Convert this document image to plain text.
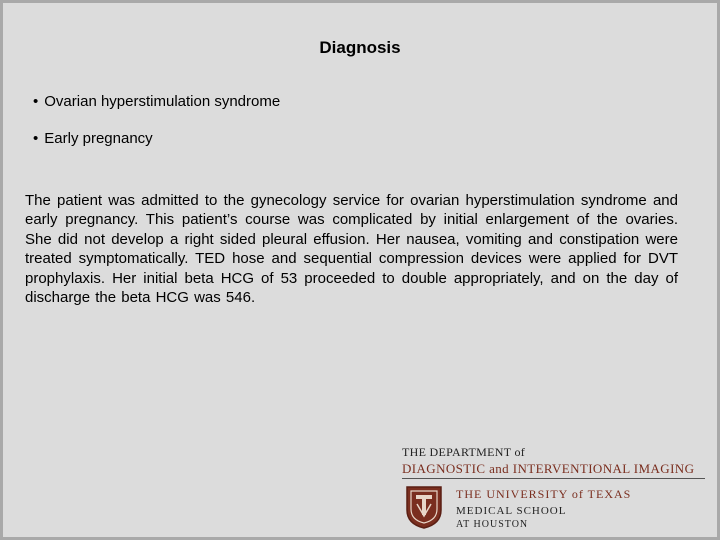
Diagnosis
• Ovarian hyperstimulation syndrome
• Early pregnancy

The patient was admitted to the gynecology service for ovarian hyperstimulation syndrome and early pregnancy. This patient’s course was complicated by initial enlargement of the ovaries. She did not develop a right sided pleural effusion. Her nausea, vomiting and constipation were treated symptomatically. TED hose and sequential compression devices were applied for DVT prophylaxis. Her initial beta HCG of 53 proceeded to double appropriately, and on the day of discharge the beta HCG was 546.

THE DEPARTMENT of
DIAGNOSTIC and INTERVENTIONAL IMAGING
THE UNIVERSITY of TEXAS
MEDICAL SCHOOL
AT HOUSTON
